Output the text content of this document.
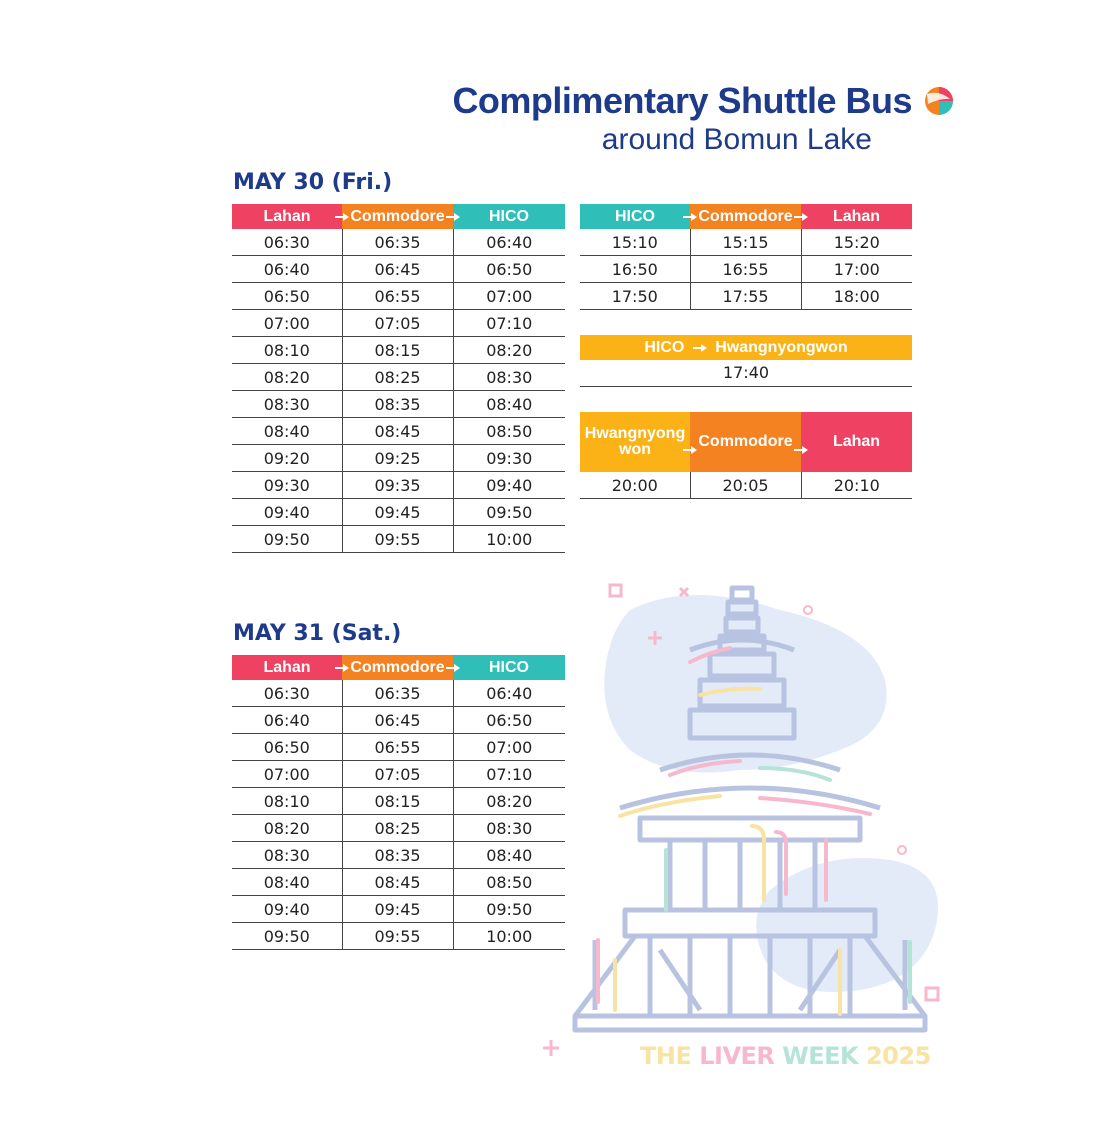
Complimentary Shuttle Bus
around Bomun Lake
MAY 30 (Fri.)
Lahan	Commodore	HICO
06:30	06:35	06:40
06:40	06:45	06:50
06:50	06:55	07:00
07:00	07:05	07:10
08:10	08:15	08:20
08:20	08:25	08:30
08:30	08:35	08:40
08:40	08:45	08:50
09:20	09:25	09:30
09:30	09:35	09:40
09:40	09:45	09:50
09:50	09:55	10:00
HICO	Commodore	Lahan
15:10	15:15	15:20
16:50	16:55	17:00
17:50	17:55	18:00
HICO Hwangnyongwon
17:40
Hwangnyong
won	Commodore	Lahan
20:00	20:05	20:10
MAY 31 (Sat.)
Lahan	Commodore	HICO
06:30	06:35	06:40
06:40	06:45	06:50
06:50	06:55	07:00
07:00	07:05	07:10
08:10	08:15	08:20
08:20	08:25	08:30
08:30	08:35	08:40
08:40	08:45	08:50
09:40	09:45	09:50
09:50	09:55	10:00
THE LIVER WEEK 2025
